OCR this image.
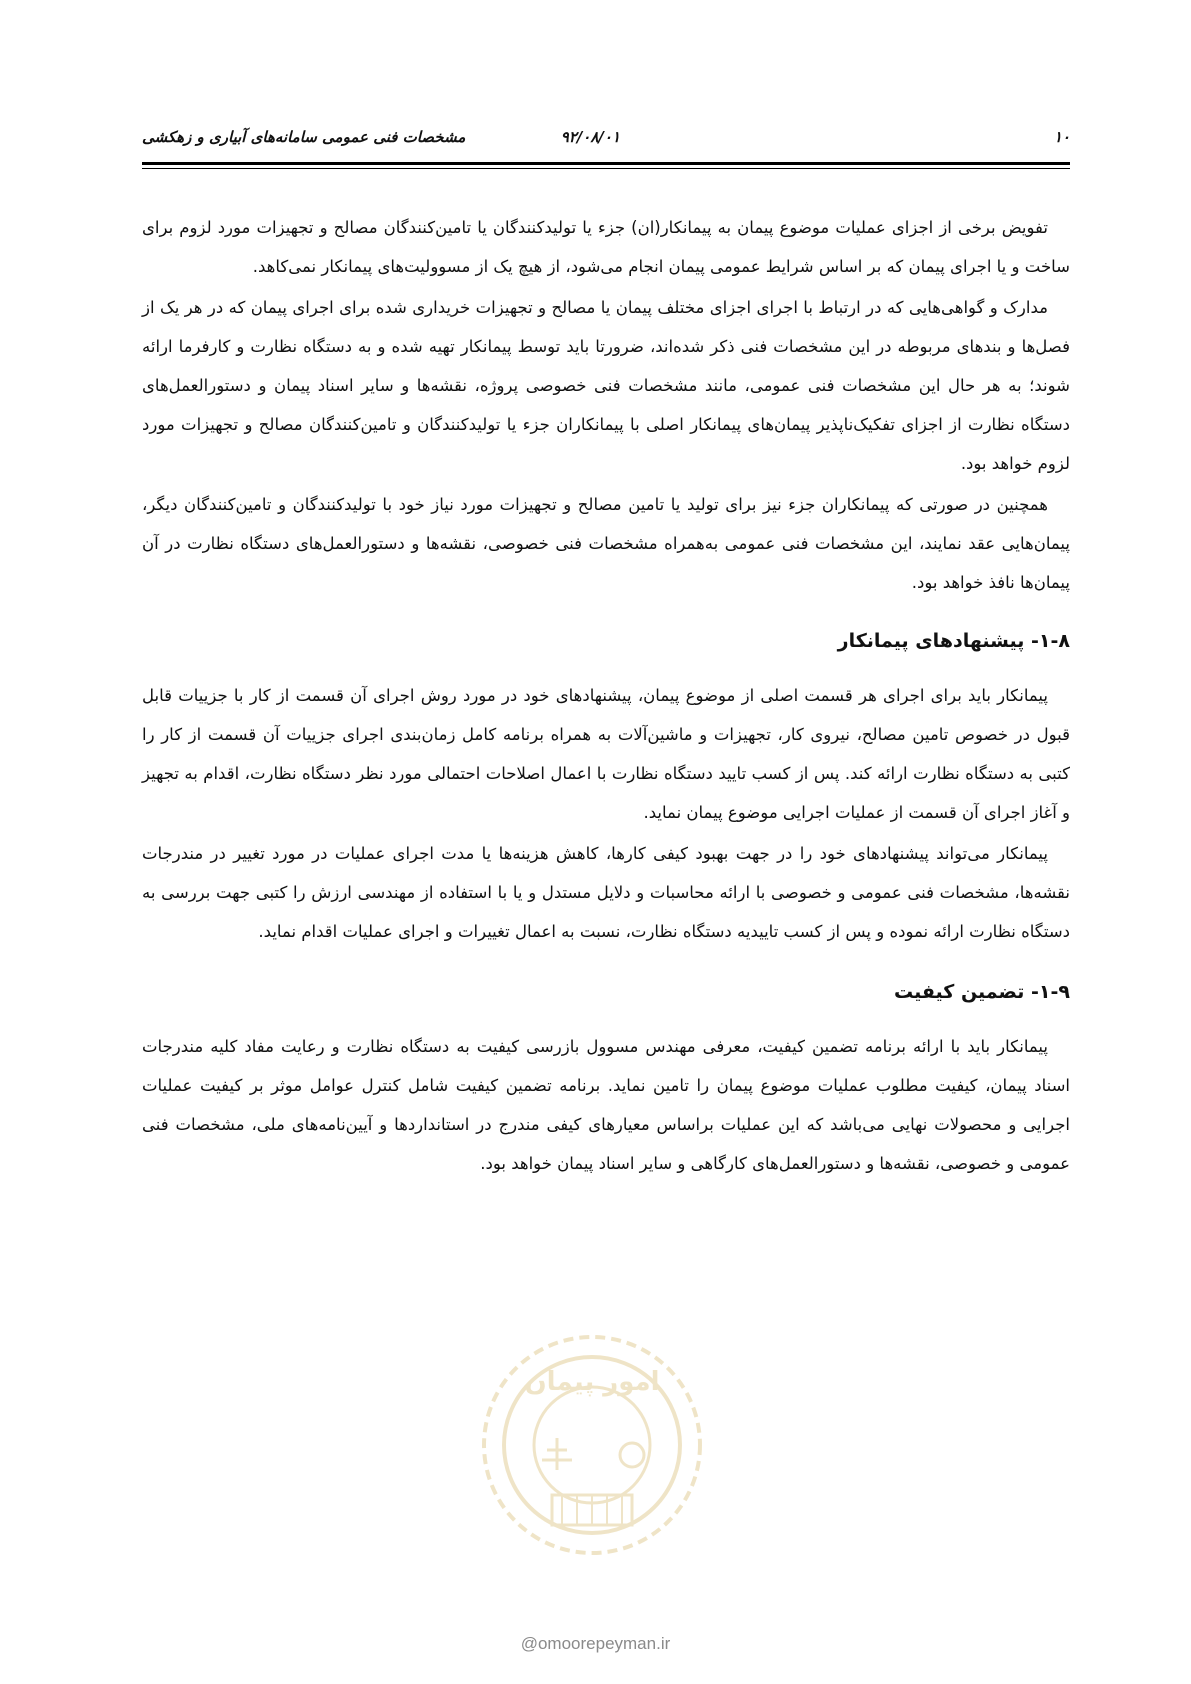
۱۰
۹۲/۰۸/۰۱
مشخصات فنی عمومی سامانه‌های آبیاری و زهکشی

تفویض برخی از اجزای عملیات موضوع پیمان به پیمانکار(ان) جزء یا تولیدکنندگان یا تامین‌کنندگان مصالح و تجهیزات مورد لزوم برای ساخت و یا اجرای پیمان که بر اساس شرایط عمومی پیمان انجام می‌شود، از هیچ یک از مسوولیت‌های پیمانکار نمی‌کاهد.

مدارک و گواهی‌هایی که در ارتباط با اجرای اجزای مختلف پیمان یا مصالح و تجهیزات خریداری شده برای اجرای پیمان که در هر یک از فصل‌ها و بندهای مربوطه در این مشخصات فنی ذکر شده‌اند، ضرورتا باید توسط پیمانکار تهیه شده و به دستگاه نظارت و کارفرما ارائه شوند؛ به هر حال این مشخصات فنی عمومی، مانند مشخصات فنی خصوصی پروژه، نقشه‌ها و سایر اسناد پیمان و دستورالعمل‌های دستگاه نظارت از اجزای تفکیک‌ناپذیر پیمان‌های پیمانکار اصلی با پیمانکاران جزء یا تولیدکنندگان و تامین‌کنندگان مصالح و تجهیزات مورد لزوم خواهد بود.

همچنین در صورتی که پیمانکاران جزء نیز برای تولید یا تامین مصالح و تجهیزات مورد نیاز خود با تولیدکنندگان و تامین‌کنندگان دیگر، پیمان‌هایی عقد نمایند، این مشخصات فنی عمومی به‌همراه مشخصات فنی خصوصی، نقشه‌ها و دستورالعمل‌های دستگاه نظارت در آن پیمان‌ها نافذ خواهد بود.

۱-۸- پیشنهادهای پیمانکار

پیمانکار باید برای اجرای هر قسمت اصلی از موضوع پیمان، پیشنهادهای خود در مورد روش اجرای آن قسمت از کار با جزییات قابل قبول در خصوص تامین مصالح، نیروی کار، تجهیزات و ماشین‌آلات به همراه برنامه کامل زمان‌بندی اجرای جزییات آن قسمت از کار را کتبی به دستگاه نظارت ارائه کند. پس از کسب تایید دستگاه نظارت با اعمال اصلاحات احتمالی مورد نظر دستگاه نظارت، اقدام به تجهیز و آغاز اجرای آن قسمت از عملیات اجرایی موضوع پیمان نماید.

پیمانکار می‌تواند پیشنهادهای خود را در جهت بهبود کیفی کارها، کاهش هزینه‌ها یا مدت اجرای عملیات در مورد تغییر در مندرجات نقشه‌ها، مشخصات فنی عمومی و خصوصی با ارائه محاسبات و دلایل مستدل و یا با استفاده از مهندسی ارزش را کتبی جهت بررسی به دستگاه نظارت ارائه نموده و پس از کسب تاییدیه دستگاه نظارت، نسبت به اعمال تغییرات و اجرای عملیات اقدام نماید.

۱-۹- تضمین کیفیت

پیمانکار باید با ارائه برنامه تضمین کیفیت، معرفی مهندس مسوول بازرسی کیفیت به دستگاه نظارت و رعایت مفاد کلیه مندرجات اسناد پیمان، کیفیت مطلوب عملیات موضوع پیمان را تامین نماید. برنامه تضمین کیفیت شامل کنترل عوامل موثر بر کیفیت عملیات اجرایی و محصولات نهایی می‌باشد که این عملیات براساس معیارهای کیفی مندرج در استانداردها و آیین‌نامه‌های ملی، مشخصات فنی عمومی و خصوصی، نقشه‌ها و دستورالعمل‌های کارگاهی و سایر اسناد پیمان خواهد بود.

امور پیمان
@omoorepeyman.ir
